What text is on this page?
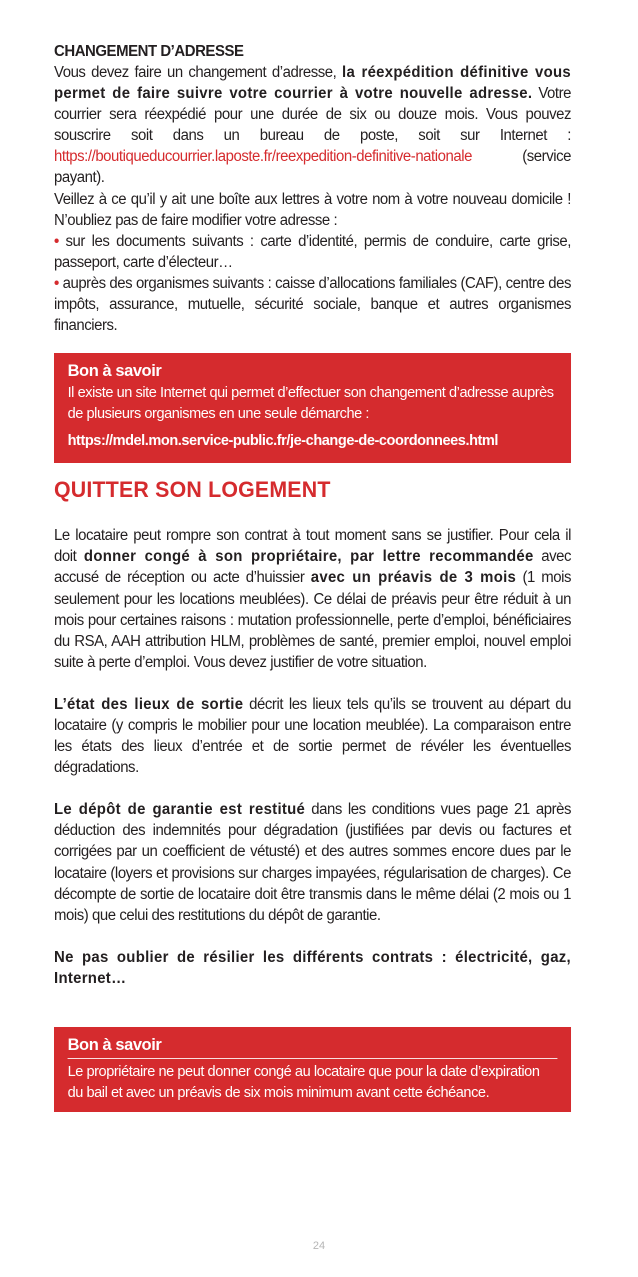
CHANGEMENT D’ADRESSE

Vous devez faire un changement d’adresse, la réexpédition définitive vous permet de faire suivre votre courrier à votre nouvelle adresse. Votre courrier sera réexpédié pour une durée de six ou douze mois. Vous pouvez souscrire soit dans un bureau de poste, soit sur Internet : https://boutiqueducourrier.laposte.fr/reexpedition-definitive-nationale (service payant).

Veillez à ce qu’il y ait une boîte aux lettres à votre nom à votre nouveau domicile ! N’oubliez pas de faire modifier votre adresse :

• sur les documents suivants : carte d’identité, permis de conduire, carte grise, passeport, carte d’électeur…

• auprès des organismes suivants : caisse d’allocations familiales (CAF), centre des impôts, assurance, mutuelle, sécurité sociale, banque et autres organismes financiers.

Bon à savoir
Il existe un site Internet qui permet d’effectuer son changement d’adresse auprès de plusieurs organismes en une seule démarche :
https://mdel.mon.service-public.fr/je-change-de-coordonnees.html
QUITTER SON LOGEMENT

Le locataire peut rompre son contrat à tout moment sans se justifier. Pour cela il doit donner congé à son propriétaire, par lettre recommandée avec accusé de réception ou acte d’huissier avec un préavis de 3 mois (1 mois seulement pour les locations meublées). Ce délai de préavis peur être réduit à un mois pour certaines raisons : mutation professionnelle, perte d’emploi, bénéficiaires du RSA, AAH attribution HLM, problèmes de santé, premier emploi, nouvel emploi suite à perte d’emploi. Vous devez justifier de votre situation.

L’état des lieux de sortie décrit les lieux tels qu’ils se trouvent au départ du locataire (y compris le mobilier pour une location meublée). La comparaison entre les états des lieux d’entrée et de sortie permet de révéler les éventuelles dégradations.

Le dépôt de garantie est restitué dans les conditions vues page 21 après déduction des indemnités pour dégradation (justifiées par devis ou factures et corrigées par un coefficient de vétusté) et des autres sommes encore dues par le locataire (loyers et provisions sur charges impayées, régularisation de charges). Ce décompte de sortie de locataire doit être transmis dans le même délai (2 mois ou 1 mois) que celui des restitutions du dépôt de garantie.

Ne pas oublier de résilier les différents contrats : électricité, gaz, Internet…

Bon à savoir
Le propriétaire ne peut donner congé au locataire que pour la date d’expiration du bail et avec un préavis de six mois minimum avant cette échéance.
24
